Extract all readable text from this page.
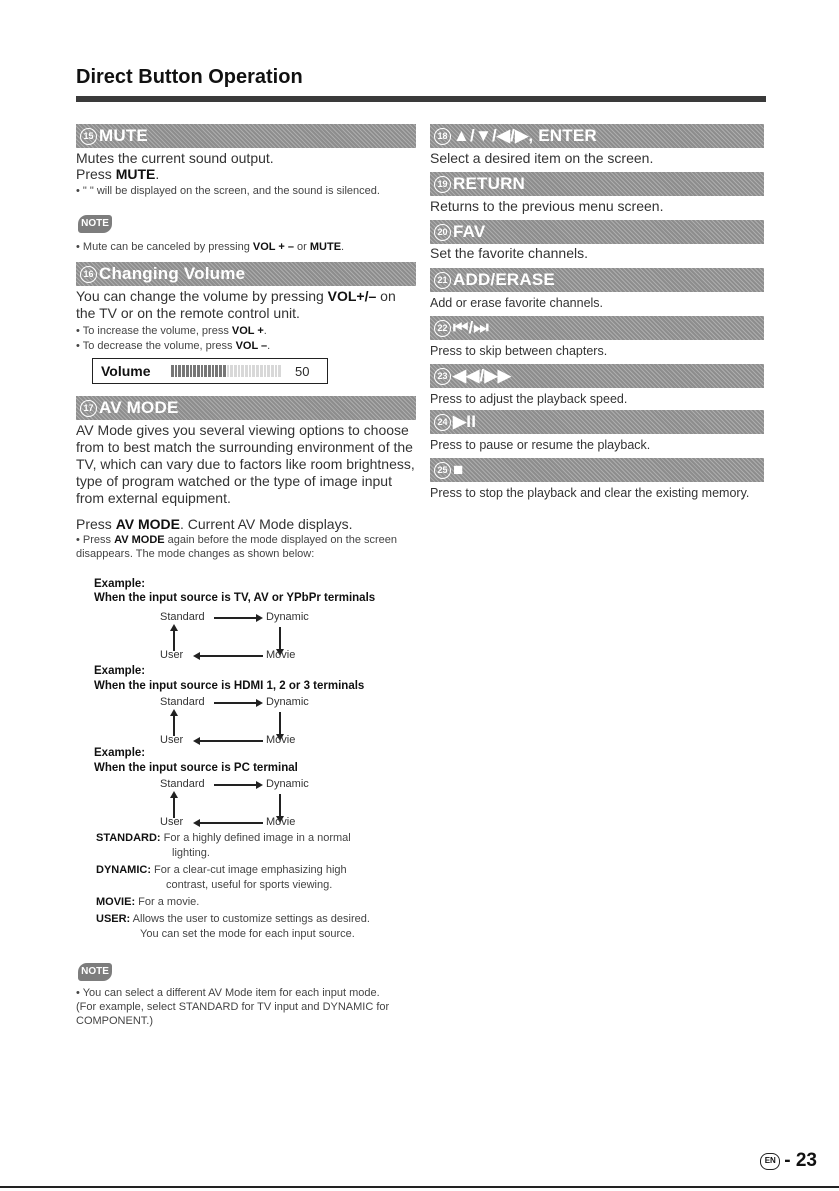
Direct Button Operation
15 MUTE
Mutes the current sound output.
Press MUTE.
• " " will be displayed on the screen, and the sound is silenced.
NOTE
• Mute can be canceled by pressing VOL + – or MUTE.
16 Changing Volume
You can change the volume by pressing VOL+/– on the TV or on the remote control unit.
• To increase the volume, press VOL +.
• To decrease the volume, press VOL –.
Volume	50
17 AV MODE
AV Mode gives you several viewing options to choose from to best match the surrounding environment of the TV, which can vary due to factors like room brightness, type of program watched or the type of image input from external equipment.
Press AV MODE. Current AV Mode displays.
• Press AV MODE again before the mode displayed on the screen disappears. The mode changes as shown below:
Example:
When the input source is TV, AV or YPbPr terminals
Standard	Dynamic
User	Movie
Example:
When the input source is HDMI 1, 2 or 3 terminals
Standard	Dynamic
User	Movie
Example:
When the input source is PC terminal
Standard	Dynamic
User	Movie
STANDARD: For a highly defined image in a normal
lighting.
DYNAMIC: For a clear-cut image emphasizing high
contrast, useful for sports viewing.
MOVIE: For a movie.
USER: Allows the user to customize settings as desired.
You can set the mode for each input source.
NOTE
• You can select a different AV Mode item for each input mode. (For example, select STANDARD for TV input and DYNAMIC for COMPONENT.)
18 ▲/▼/◀/▶, ENTER
Select a desired item on the screen.
19 RETURN
Returns to the previous menu screen.
20 FAV
Set the favorite channels.
21 ADD/ERASE
Add or erase favorite channels.
22 ⏮/⏭
Press to skip between chapters.
23 ◀◀/▶▶
Press to adjust the playback speed.
24 ▶II
Press to pause or resume the playback.
25 ■
Press to stop the playback and clear the existing memory.
EN - 23
